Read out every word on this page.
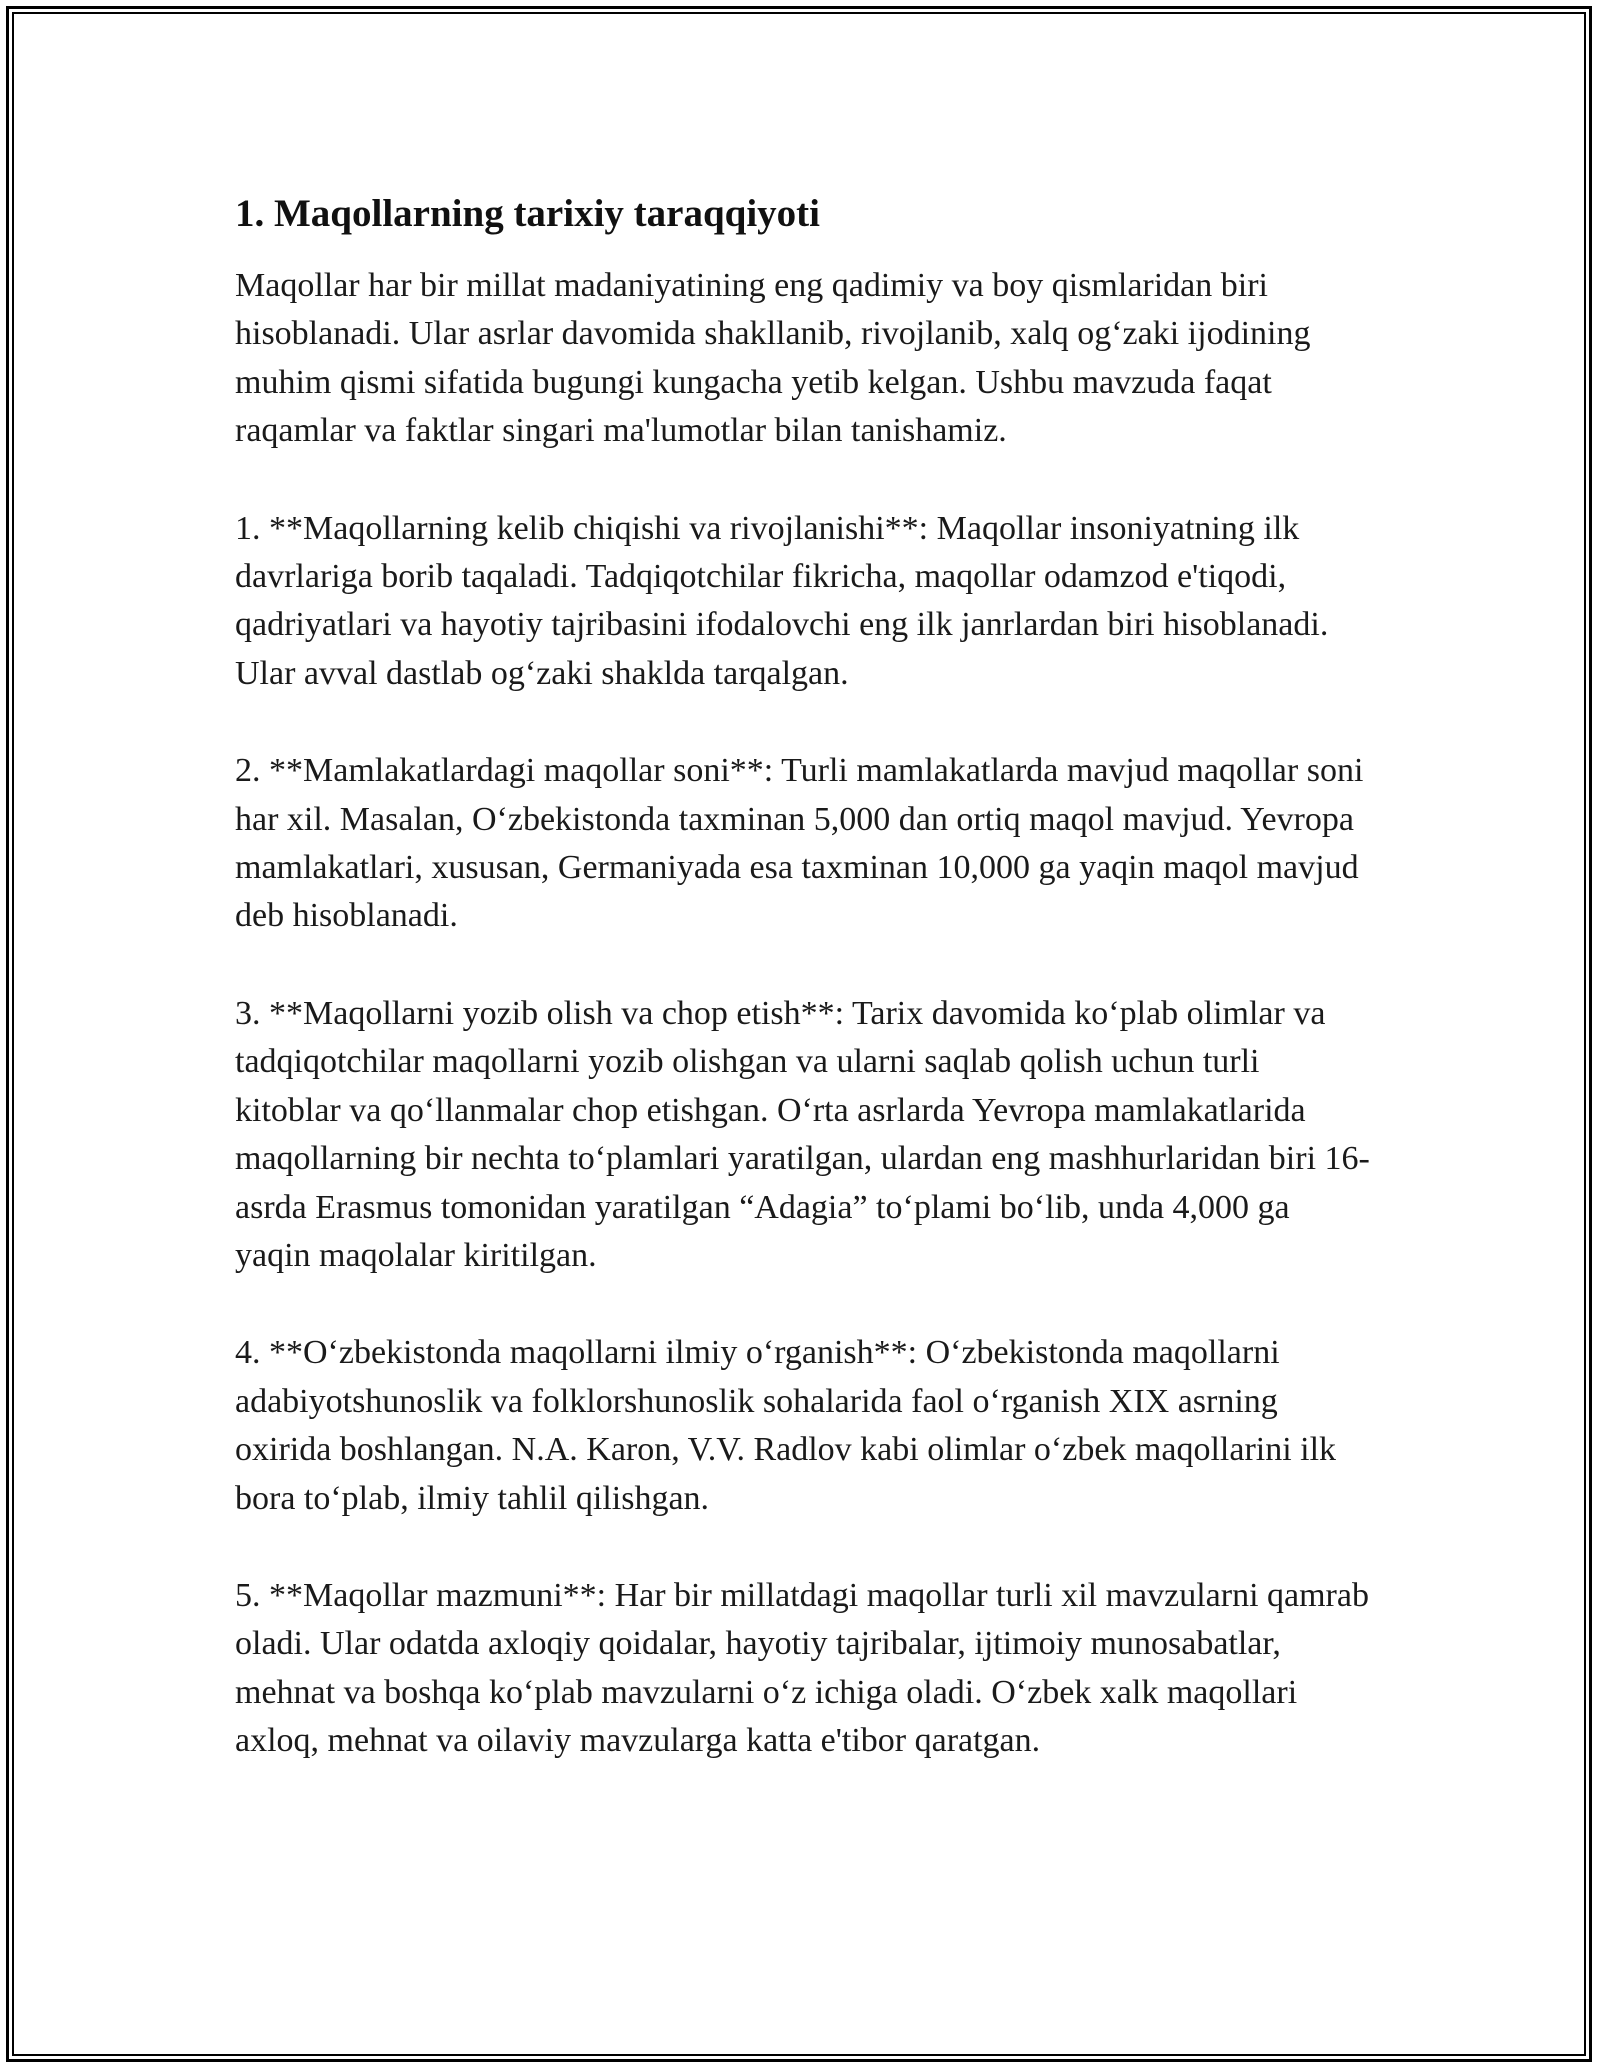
1. Maqollarning tarixiy taraqqiyoti

Maqollar har bir millat madaniyatining eng qadimiy va boy qismlaridan biri hisoblanadi. Ular asrlar davomida shakllanib, rivojlanib, xalq og‘zaki ijodining muhim qismi sifatida bugungi kungacha yetib kelgan. Ushbu mavzuda faqat raqamlar va faktlar singari ma'lumotlar bilan tanishamiz.

1. **Maqollarning kelib chiqishi va rivojlanishi**: Maqollar insoniyatning ilk davrlariga borib taqaladi. Tadqiqotchilar fikricha, maqollar odamzod e'tiqodi, qadriyatlari va hayotiy tajribasini ifodalovchi eng ilk janrlardan biri hisoblanadi. Ular avval dastlab og‘zaki shaklda tarqalgan.

2. **Mamlakatlardagi maqollar soni**: Turli mamlakatlarda mavjud maqollar soni har xil. Masalan, O‘zbekistonda taxminan 5,000 dan ortiq maqol mavjud. Yevropa mamlakatlari, xususan, Germaniyada esa taxminan 10,000 ga yaqin maqol mavjud deb hisoblanadi.

3. **Maqollarni yozib olish va chop etish**: Tarix davomida ko‘plab olimlar va tadqiqotchilar maqollarni yozib olishgan va ularni saqlab qolish uchun turli kitoblar va qo‘llanmalar chop etishgan. O‘rta asrlarda Yevropa mamlakatlarida maqollarning bir nechta to‘plamlari yaratilgan, ulardan eng mashhurlaridan biri 16-asrda Erasmus tomonidan yaratilgan “Adagia” to‘plami bo‘lib, unda 4,000 ga yaqin maqolalar kiritilgan.

4. **O‘zbekistonda maqollarni ilmiy o‘rganish**: O‘zbekistonda maqollarni adabiyotshunoslik va folklorshunoslik sohalarida faol o‘rganish XIX asrning oxirida boshlangan. N.A. Karon, V.V. Radlov kabi olimlar o‘zbek maqollarini ilk bora to‘plab, ilmiy tahlil qilishgan.

5. **Maqollar mazmuni**: Har bir millatdagi maqollar turli xil mavzularni qamrab oladi. Ular odatda axloqiy qoidalar, hayotiy tajribalar, ijtimoiy munosabatlar, mehnat va boshqa ko‘plab mavzularni o‘z ichiga oladi. O‘zbek xalk maqollari axloq, mehnat va oilaviy mavzularga katta e'tibor qaratgan.
